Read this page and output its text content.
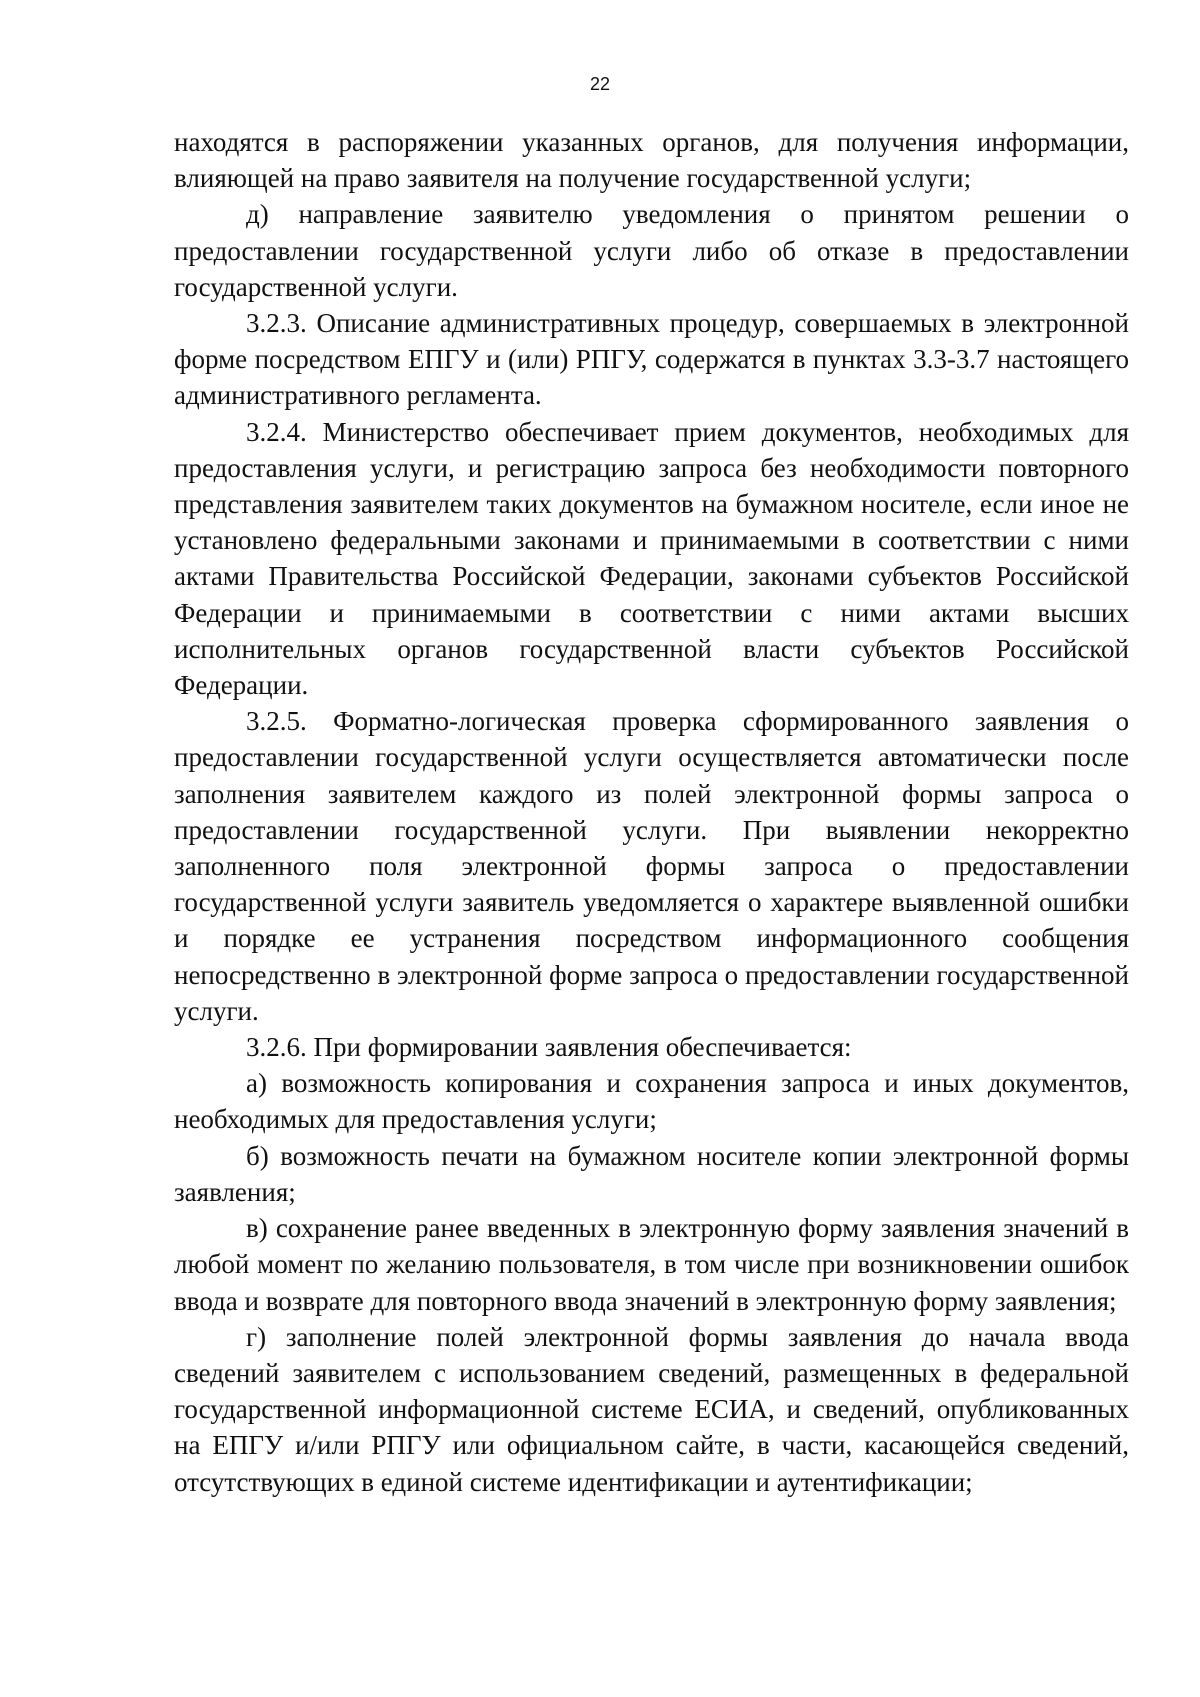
22

находятся в распоряжении указанных органов, для получения информации, влияющей на право заявителя на получение государственной услуги;

д) направление заявителю уведомления о принятом решении о предоставлении государственной услуги либо об отказе в предоставлении государственной услуги.

3.2.3. Описание административных процедур, совершаемых в электронной форме посредством ЕПГУ и (или) РПГУ, содержатся в пунктах 3.3-3.7 настоящего административного регламента.

3.2.4. Министерство обеспечивает прием документов, необходимых для предоставления услуги, и регистрацию запроса без необходимости повторного представления заявителем таких документов на бумажном носителе, если иное не установлено федеральными законами и принимаемыми в соответствии с ними актами Правительства Российской Федерации, законами субъектов Российской Федерации и принимаемыми в соответствии с ними актами высших исполнительных органов государственной власти субъектов Российской Федерации.

3.2.5. Форматно-логическая проверка сформированного заявления о предоставлении государственной услуги осуществляется автоматически после заполнения заявителем каждого из полей электронной формы запроса о предоставлении государственной услуги. При выявлении некорректно заполненного поля электронной формы запроса о предоставлении государственной услуги заявитель уведомляется о характере выявленной ошибки и порядке ее устранения посредством информационного сообщения непосредственно в электронной форме запроса о предоставлении государственной услуги.

3.2.6. При формировании заявления обеспечивается:

а) возможность копирования и сохранения запроса и иных документов, необходимых для предоставления услуги;

б) возможность печати на бумажном носителе копии электронной формы заявления;

в) сохранение ранее введенных в электронную форму заявления значений в любой момент по желанию пользователя, в том числе при возникновении ошибок ввода и возврате для повторного ввода значений в электронную форму заявления;

г) заполнение полей электронной формы заявления до начала ввода сведений заявителем с использованием сведений, размещенных в федеральной государственной информационной системе ЕСИА, и сведений, опубликованных на ЕПГУ и/или РПГУ или официальном сайте, в части, касающейся сведений, отсутствующих в единой системе идентификации и аутентификации;
